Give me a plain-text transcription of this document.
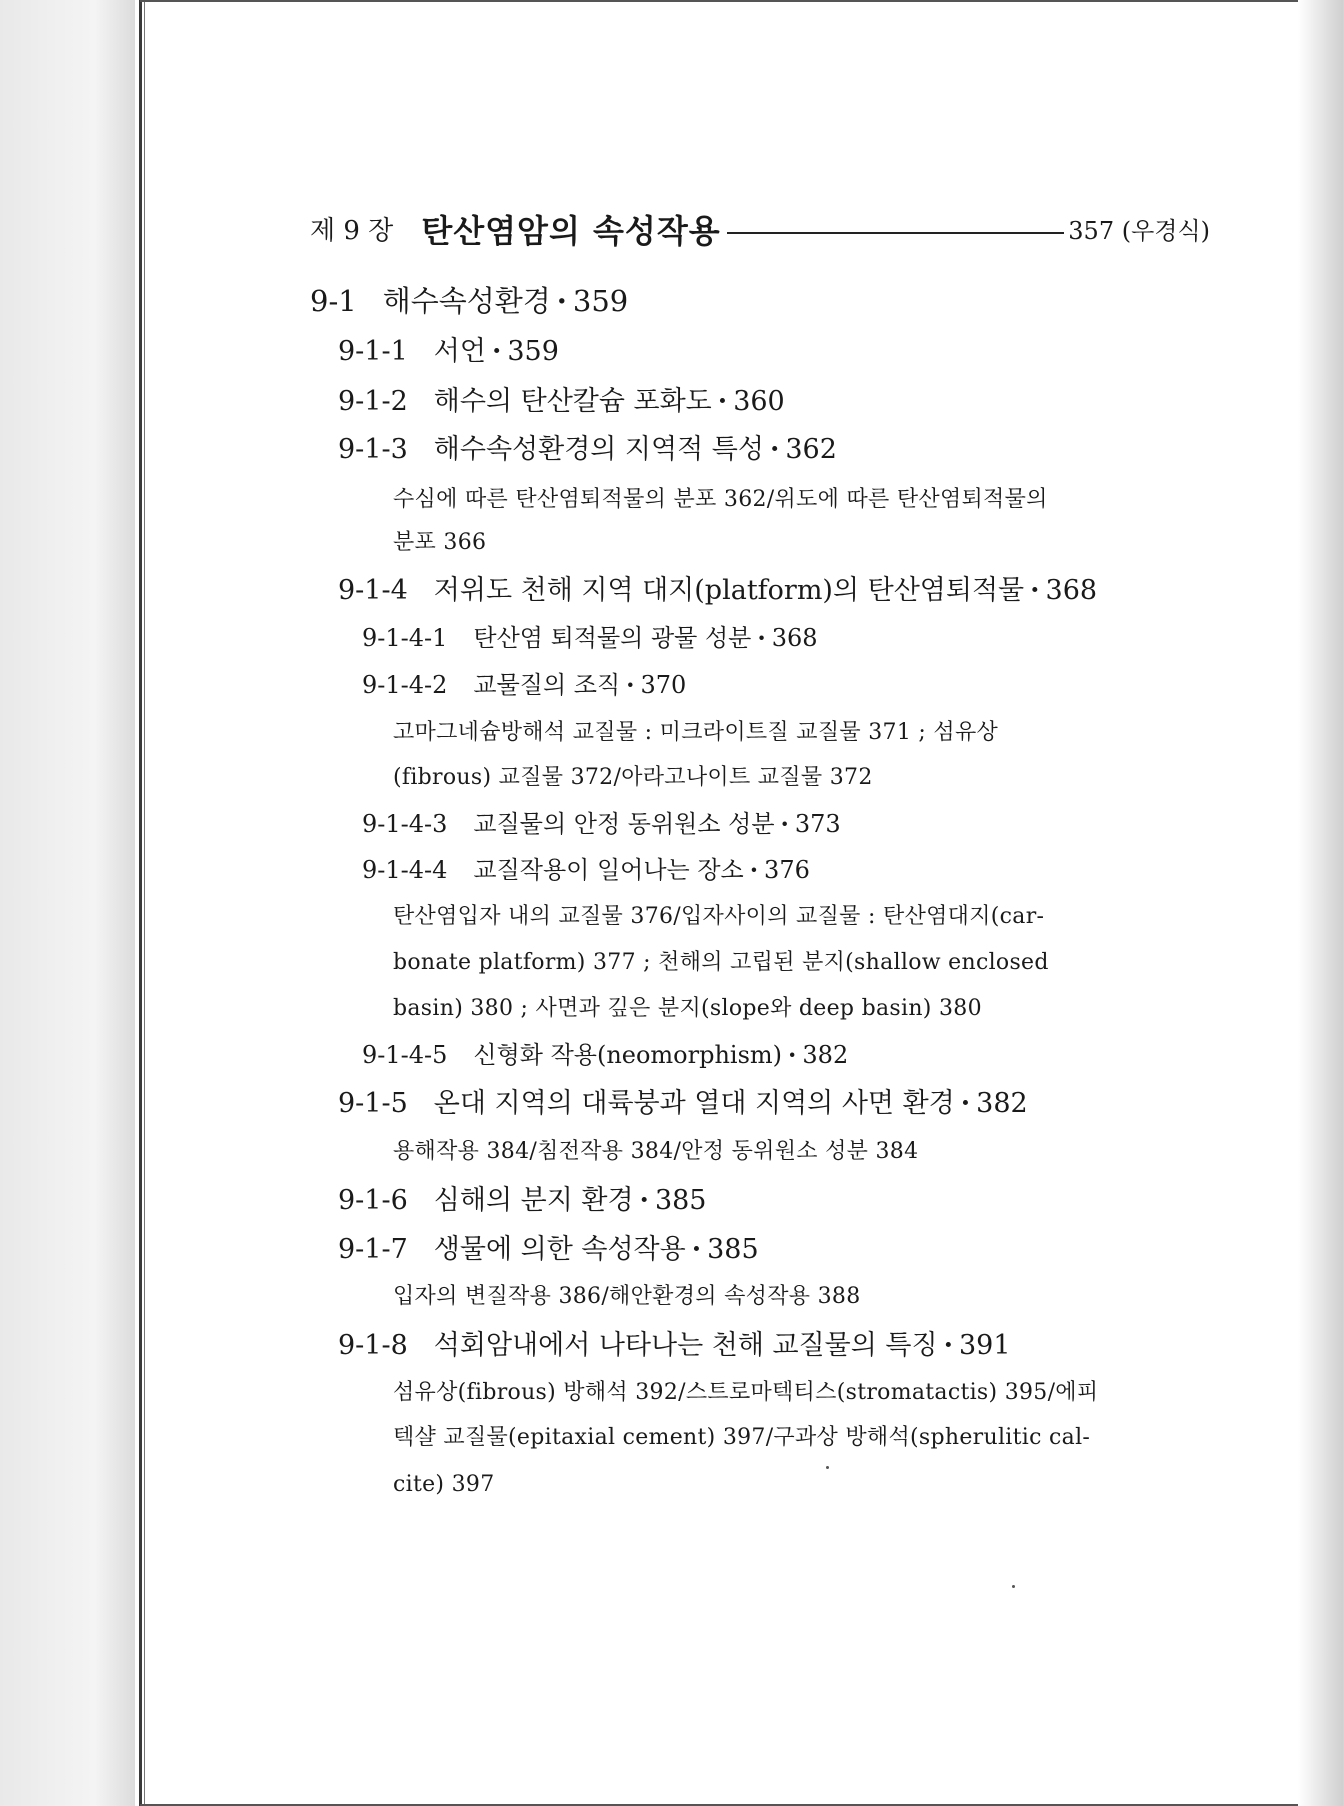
제 9 장 탄산염암의 속성작용	357 (우경식)
9-1 해수속성환경 · 359
9-1-1 서언 · 359
9-1-2 해수의 탄산칼슘 포화도 · 360
9-1-3 해수속성환경의 지역적 특성 · 362
수심에 따른 탄산염퇴적물의 분포 362/위도에 따른 탄산염퇴적물의
분포 366
9-1-4 저위도 천해 지역 대지(platform)의 탄산염퇴적물 · 368
9-1-4-1 탄산염 퇴적물의 광물 성분 · 368
9-1-4-2 교물질의 조직 · 370
고마그네슘방해석 교질물 : 미크라이트질 교질물 371 ; 섬유상
(fibrous) 교질물 372/아라고나이트 교질물 372
9-1-4-3 교질물의 안정 동위원소 성분 · 373
9-1-4-4 교질작용이 일어나는 장소 · 376
탄산염입자 내의 교질물 376/입자사이의 교질물 : 탄산염대지(car-
bonate platform) 377 ; 천해의 고립된 분지(shallow enclosed
basin) 380 ; 사면과 깊은 분지(slope와 deep basin) 380
9-1-4-5 신형화 작용(neomorphism) · 382
9-1-5 온대 지역의 대륙붕과 열대 지역의 사면 환경 · 382
용해작용 384/침전작용 384/안정 동위원소 성분 384
9-1-6 심해의 분지 환경 · 385
9-1-7 생물에 의한 속성작용 · 385
입자의 변질작용 386/해안환경의 속성작용 388
9-1-8 석회암내에서 나타나는 천해 교질물의 특징 · 391
섬유상(fibrous) 방해석 392/스트로마텍티스(stromatactis) 395/에피
텍샬 교질물(epitaxial cement) 397/구과상 방해석(spherulitic cal-
cite) 397
